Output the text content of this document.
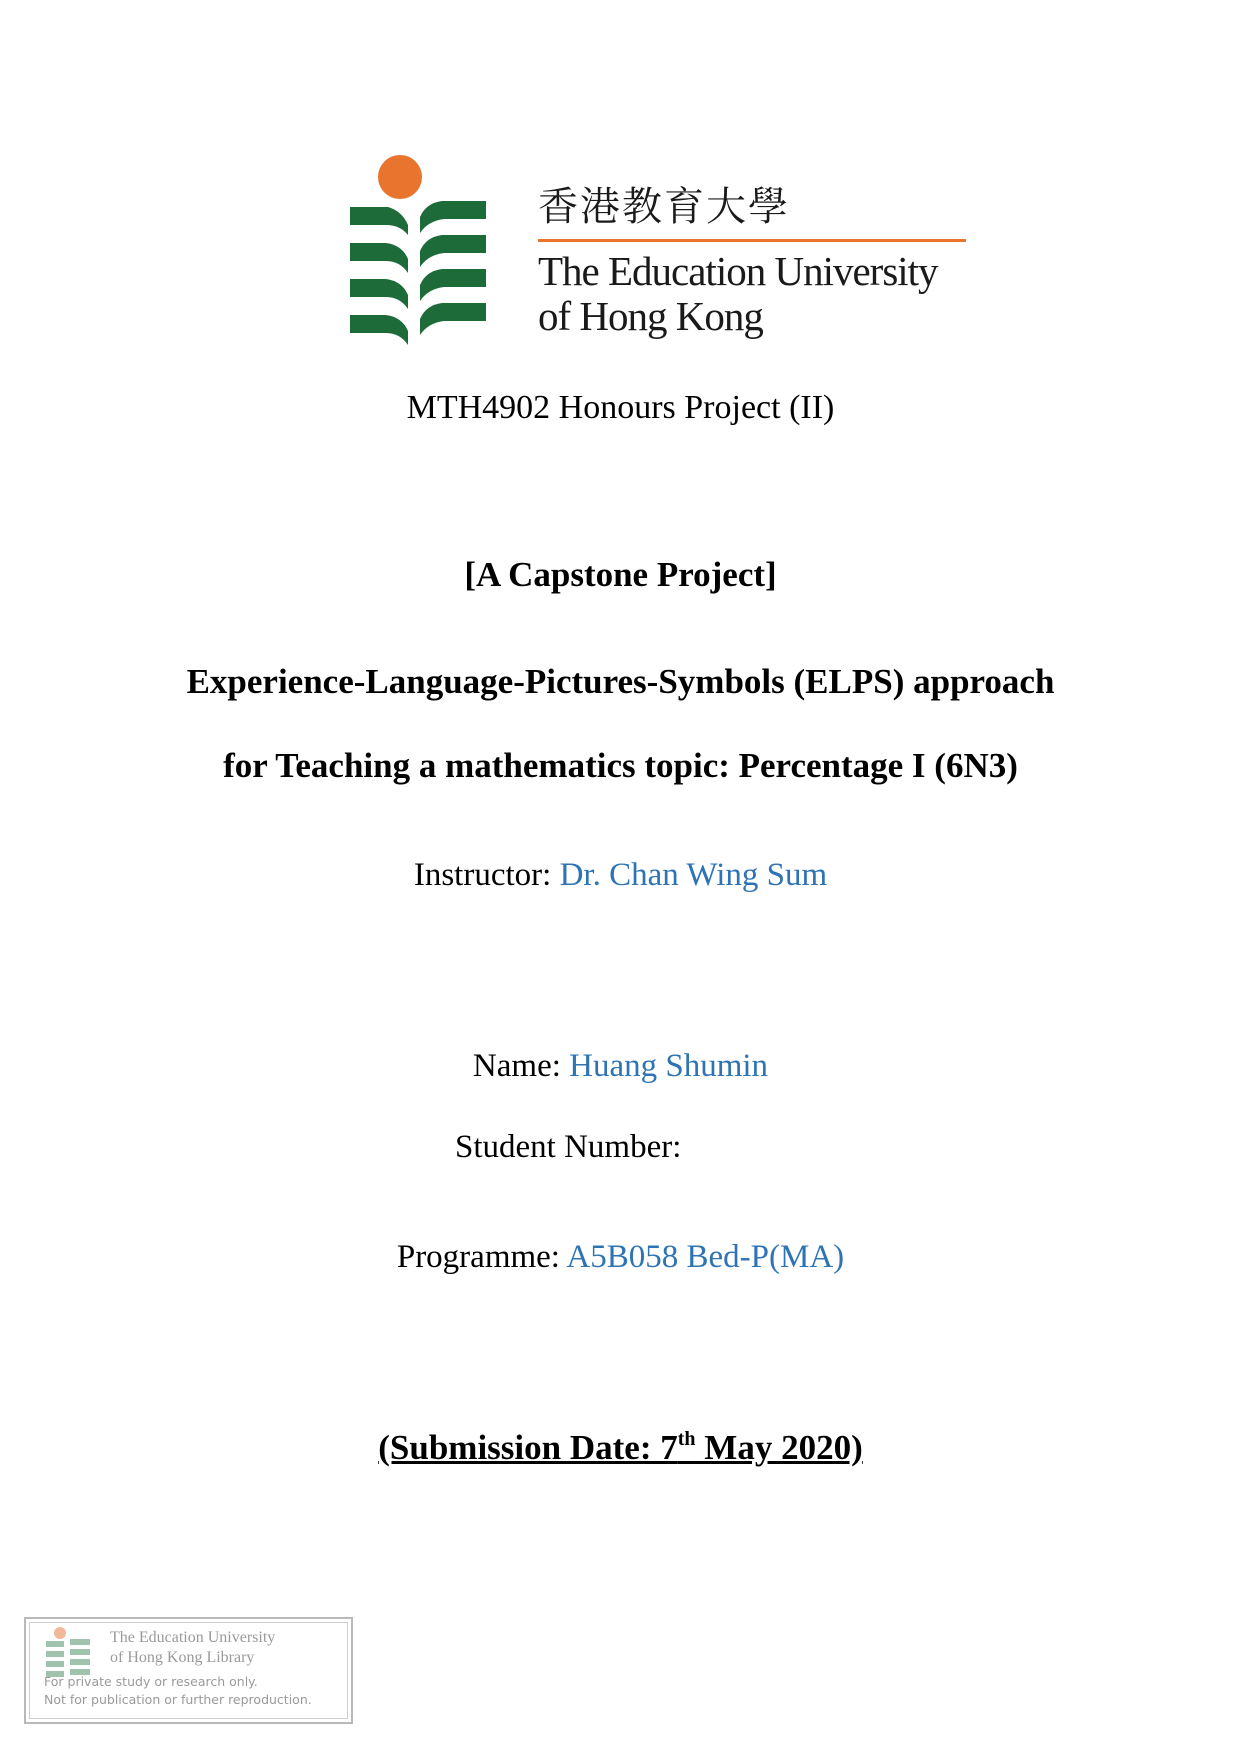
香港教育大學
The Education University
of Hong Kong
MTH4902 Honours Project (II)
[A Capstone Project]
Experience-Language-Pictures-Symbols (ELPS) approach
for Teaching a mathematics topic: Percentage I (6N3)
Instructor: Dr. Chan Wing Sum
Name: Huang Shumin
Student Number:
Programme: A5B058 Bed-P(MA)
(Submission Date: 7th May 2020)
The Education University
of Hong Kong Library
For private study or research only.
Not for publication or further reproduction.
